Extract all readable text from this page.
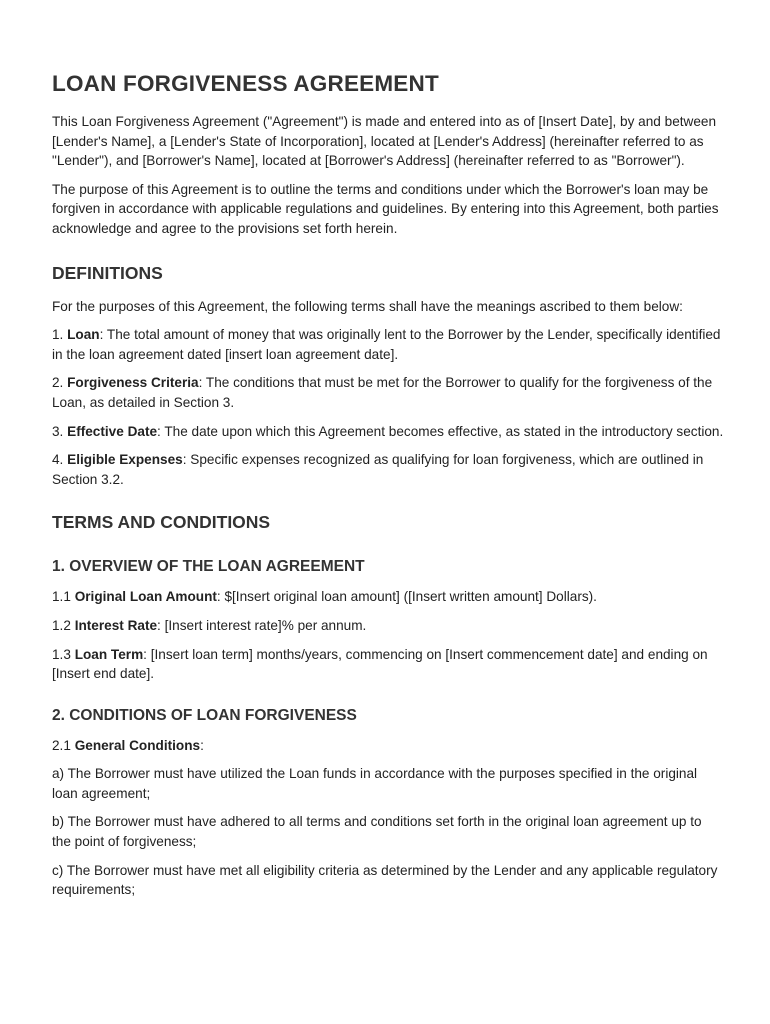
LOAN FORGIVENESS AGREEMENT

This Loan Forgiveness Agreement ("Agreement") is made and entered into as of [Insert Date], by and between [Lender's Name], a [Lender's State of Incorporation], located at [Lender's Address] (hereinafter referred to as "Lender"), and [Borrower's Name], located at [Borrower's Address] (hereinafter referred to as "Borrower").

The purpose of this Agreement is to outline the terms and conditions under which the Borrower's loan may be forgiven in accordance with applicable regulations and guidelines. By entering into this Agreement, both parties acknowledge and agree to the provisions set forth herein.

DEFINITIONS

For the purposes of this Agreement, the following terms shall have the meanings ascribed to them below:

1. Loan: The total amount of money that was originally lent to the Borrower by the Lender, specifically identified in the loan agreement dated [insert loan agreement date].

2. Forgiveness Criteria: The conditions that must be met for the Borrower to qualify for the forgiveness of the Loan, as detailed in Section 3.

3. Effective Date: The date upon which this Agreement becomes effective, as stated in the introductory section.

4. Eligible Expenses: Specific expenses recognized as qualifying for loan forgiveness, which are outlined in Section 3.2.

TERMS AND CONDITIONS
1. OVERVIEW OF THE LOAN AGREEMENT

1.1 Original Loan Amount: $[Insert original loan amount] ([Insert written amount] Dollars).

1.2 Interest Rate: [Insert interest rate]% per annum.

1.3 Loan Term: [Insert loan term] months/years, commencing on [Insert commencement date] and ending on [Insert end date].

2. CONDITIONS OF LOAN FORGIVENESS

2.1 General Conditions:

a) The Borrower must have utilized the Loan funds in accordance with the purposes specified in the original loan agreement;

b) The Borrower must have adhered to all terms and conditions set forth in the original loan agreement up to the point of forgiveness;

c) The Borrower must have met all eligibility criteria as determined by the Lender and any applicable regulatory requirements;
